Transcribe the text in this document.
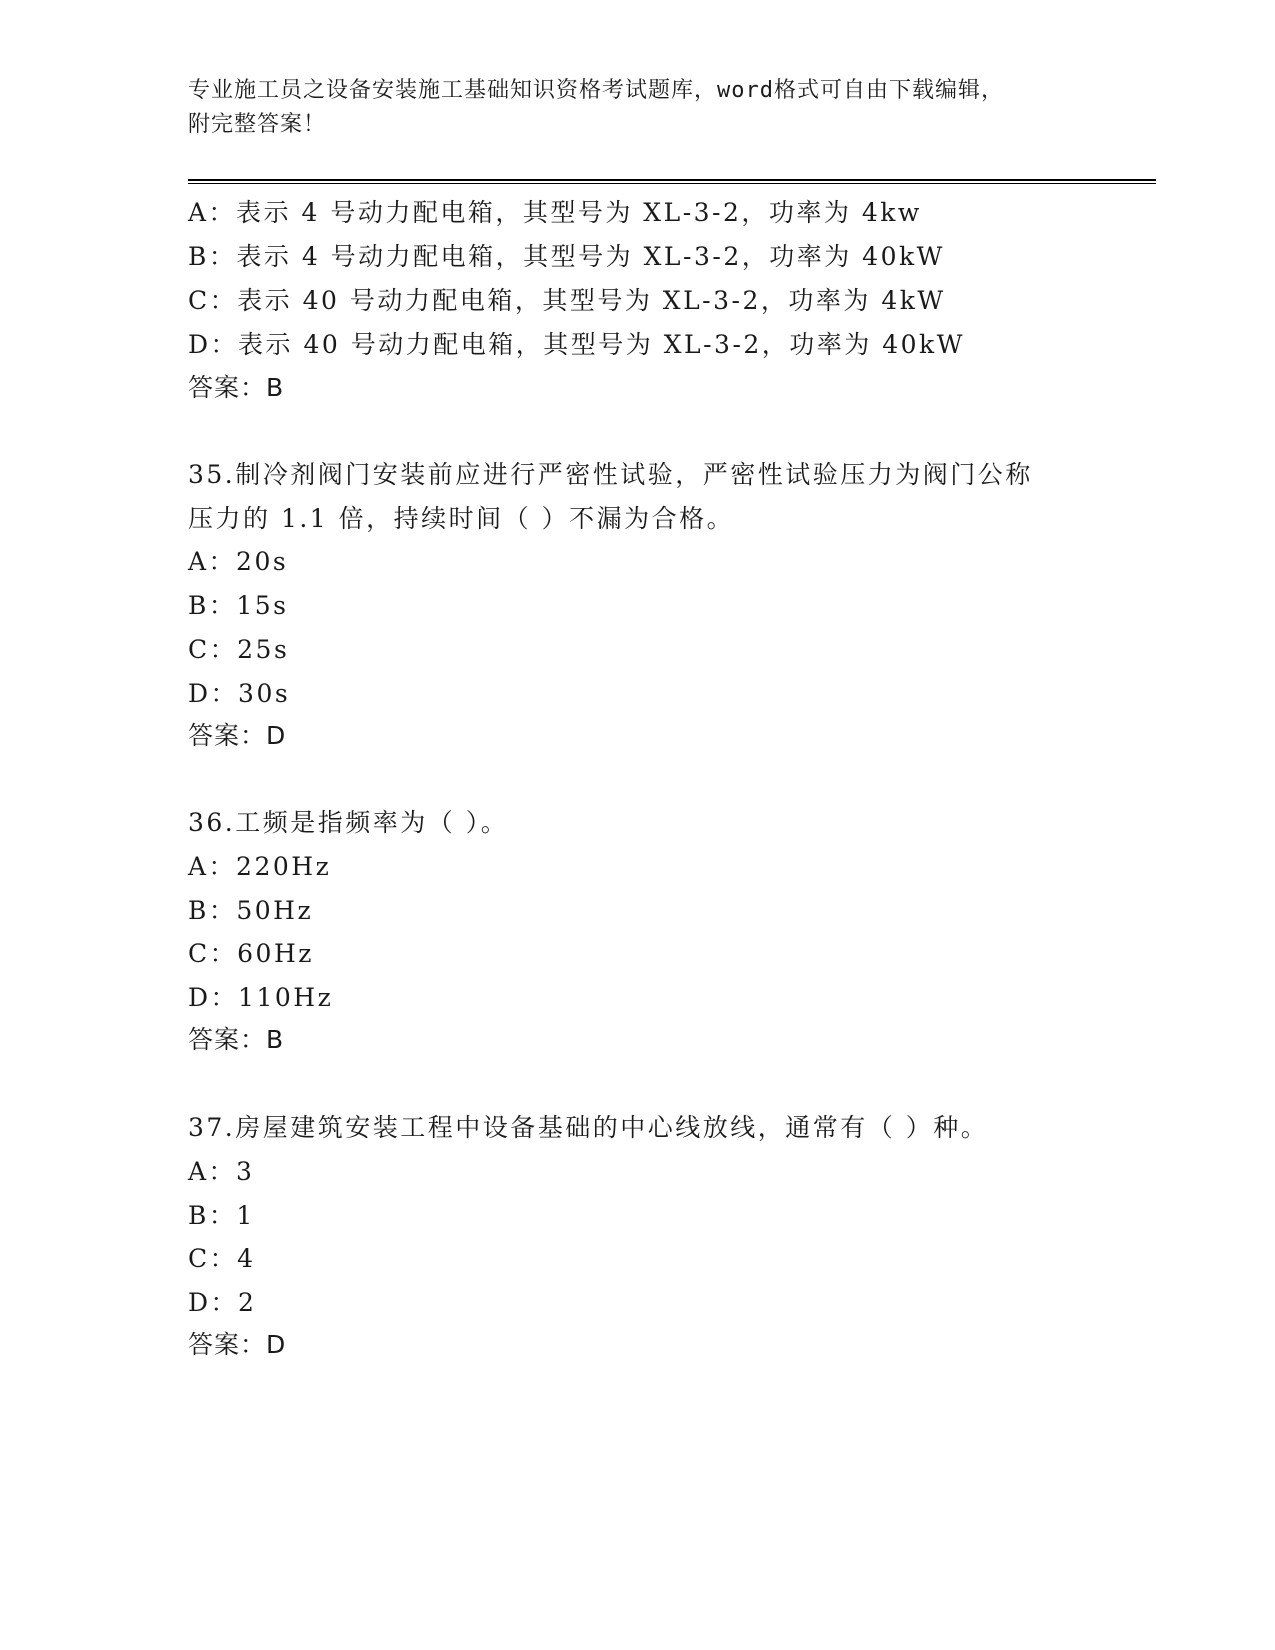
专业施工员之设备安装施工基础知识资格考试题库，word格式可自由下载编辑，
附完整答案！
A：表示 4 号动力配电箱，其型号为 XL-3-2，功率为 4kw
B：表示 4 号动力配电箱，其型号为 XL-3-2，功率为 40kW
C：表示 40 号动力配电箱，其型号为 XL-3-2，功率为 4kW
D：表示 40 号动力配电箱，其型号为 XL-3-2，功率为 40kW
答案：B
35.制冷剂阀门安装前应进行严密性试验，严密性试验压力为阀门公称
压力的 1.1 倍，持续时间（ ）不漏为合格。
A：20s
B：15s
C：25s
D：30s
答案：D
36.工频是指频率为（ ）。
A：220Hz
B：50Hz
C：60Hz
D：110Hz
答案：B
37.房屋建筑安装工程中设备基础的中心线放线，通常有（ ）种。
A：3
B：1
C：4
D：2
答案：D
